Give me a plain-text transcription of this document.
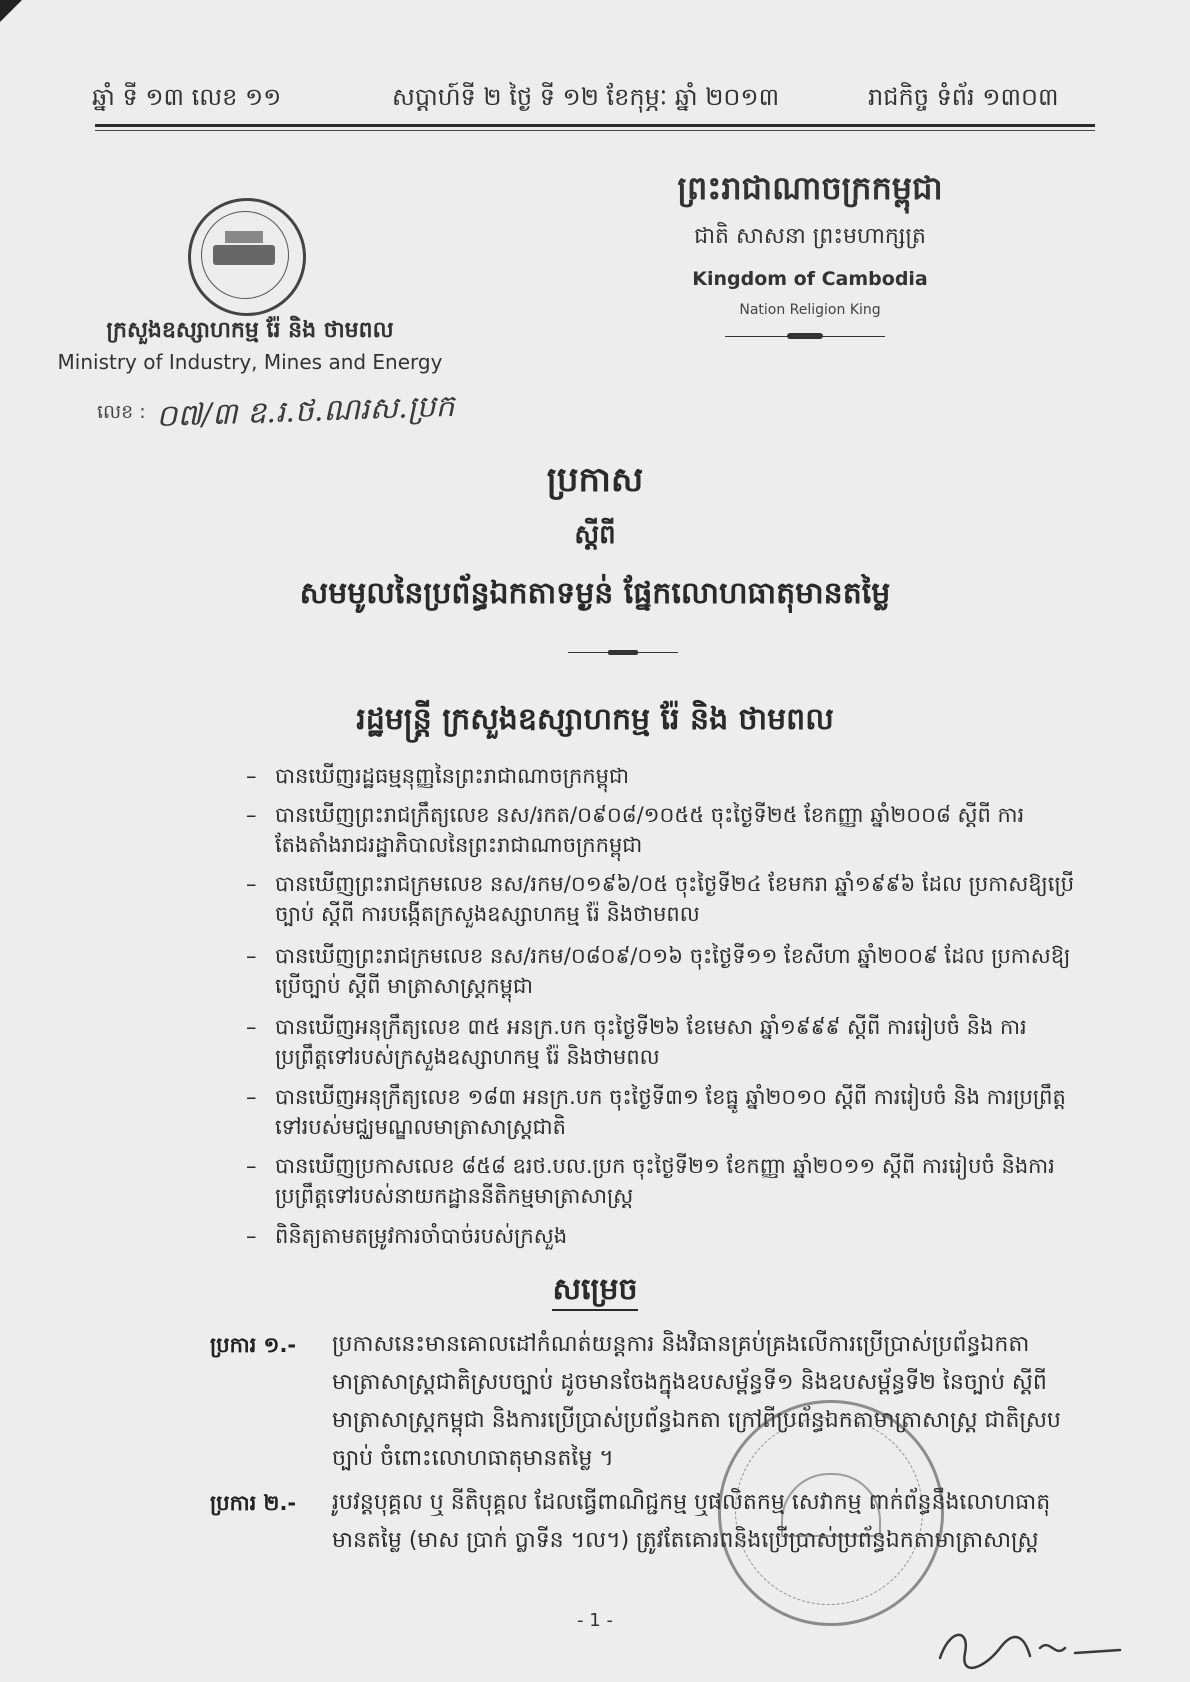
ឆ្នាំ ទី ១៣ លេខ ១១	សប្ដាហ៍ទី ២ ថ្ងៃ ទី ១២ ខែកុម្ភៈ ឆ្នាំ ២០១៣	រាជកិច្ច ទំព័រ ១៣០៣
ក្រសួងឧស្សាហកម្ម រ៉ែ និង ថាមពល
Ministry of Industry, Mines and Energy
លេខ : ០៧/៣ ឧ.រ.ថ.ណរស.ប្រក
ព្រះរាជាណាចក្រកម្ពុជា
ជាតិ សាសនា ព្រះមហាក្សត្រ
Kingdom of Cambodia
Nation Religion King
ប្រកាស
ស្ដីពី
សមមូលនៃប្រព័ន្ធឯកតាទម្ងន់ ផ្នែកលោហធាតុមានតម្លៃ
រដ្ឋមន្ត្រី ក្រសួងឧស្សាហកម្ម រ៉ែ និង ថាមពល
– បានឃើញរដ្ឋធម្មនុញ្ញនៃព្រះរាជាណាចក្រកម្ពុជា
– បានឃើញព្រះរាជក្រឹត្យលេខ នស/រកត/០៩០៨/១០៥៥ ចុះថ្ងៃទី២៥ ខែកញ្ញា ឆ្នាំ២០០៨ ស្ដីពី ការតែងតាំងរាជរដ្ឋាភិបាលនៃព្រះរាជាណាចក្រកម្ពុជា
– បានឃើញព្រះរាជក្រមលេខ នស/រកម/០១៩៦/០៥ ចុះថ្ងៃទី២៤ ខែមករា ឆ្នាំ១៩៩៦ ដែល ប្រកាសឱ្យប្រើច្បាប់ ស្ដីពី ការបង្កើតក្រសួងឧស្សាហកម្ម រ៉ែ និងថាមពល
– បានឃើញព្រះរាជក្រមលេខ នស/រកម/០៨០៩/០១៦ ចុះថ្ងៃទី១១ ខែសីហា ឆ្នាំ២០០៩ ដែល ប្រកាសឱ្យប្រើច្បាប់ ស្ដីពី មាត្រាសាស្ត្រកម្ពុជា
– បានឃើញអនុក្រឹត្យលេខ ៣៥ អនក្រ.បក ចុះថ្ងៃទី២៦ ខែមេសា ឆ្នាំ១៩៩៩ ស្ដីពី ការរៀបចំ និង ការប្រព្រឹត្តទៅរបស់ក្រសួងឧស្សាហកម្ម រ៉ែ និងថាមពល
– បានឃើញអនុក្រឹត្យលេខ ១៨៣ អនក្រ.បក ចុះថ្ងៃទី៣១ ខែធ្នូ ឆ្នាំ២០១០ ស្ដីពី ការរៀបចំ និង ការប្រព្រឹត្តទៅរបស់មជ្ឈមណ្ឌលមាត្រាសាស្ត្រជាតិ
– បានឃើញប្រកាសលេខ ៨៥៨ ឧរថ.បល.ប្រក ចុះថ្ងៃទី២១ ខែកញ្ញា ឆ្នាំ២០១១ ស្ដីពី ការរៀបចំ និងការប្រព្រឹត្តទៅរបស់នាយកដ្ឋាននីតិកម្មមាត្រាសាស្ត្រ
– ពិនិត្យតាមតម្រូវការចាំបាច់របស់ក្រសួង
សម្រេច
ប្រការ ១.- ប្រកាសនេះមានគោលដៅកំណត់យន្តការ និងវិធានគ្រប់គ្រងលើការប្រើប្រាស់ប្រព័ន្ធឯកតា មាត្រាសាស្ត្រជាតិស្របច្បាប់ ដូចមានចែងក្នុងឧបសម្ព័ន្ធទី១ និងឧបសម្ព័ន្ធទី២ នៃច្បាប់ ស្ដីពី មាត្រាសាស្ត្រកម្ពុជា និងការប្រើប្រាស់ប្រព័ន្ធឯកតា ក្រៅពីប្រព័ន្ធឯកតាមាត្រាសាស្ត្រ ជាតិស្របច្បាប់ ចំពោះលោហធាតុមានតម្លៃ ។
ប្រការ ២.- រូបវន្តបុគ្គល ឬ នីតិបុគ្គល ដែលធ្វើពាណិជ្ជកម្ម ឬផលិតកម្ម សេវាកម្ម ពាក់ព័ន្ធនឹងលោហធាតុ មានតម្លៃ (មាស ប្រាក់ ប្លាទីន ។ល។) ត្រូវតែគោរពនិងប្រើប្រាស់ប្រព័ន្ធឯកតាមាត្រាសាស្ត្រ
- 1 -
